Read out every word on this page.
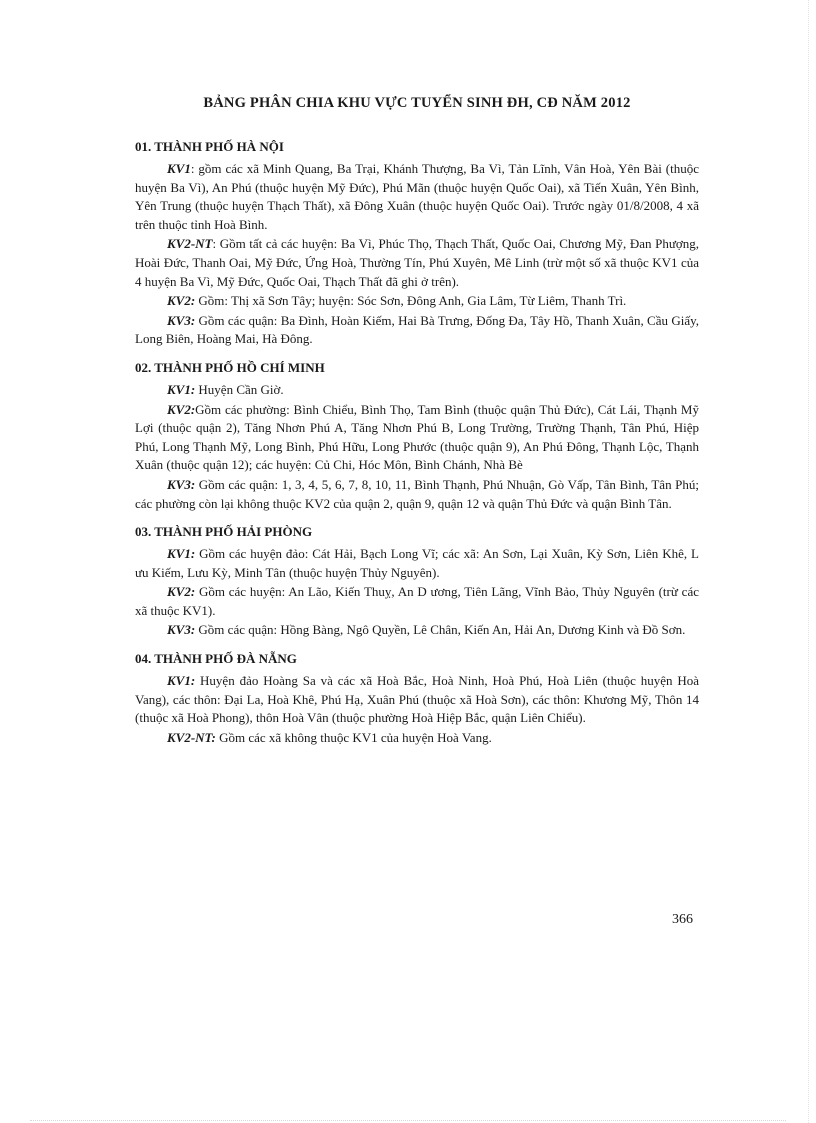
BẢNG PHÂN CHIA KHU VỰC TUYỂN SINH ĐH, CĐ NĂM 2012
01. THÀNH PHỐ HÀ NỘI
KV1: gồm các xã Minh Quang, Ba Trại, Khánh Thượng, Ba Vì, Tản Lĩnh, Vân Hoà, Yên Bài (thuộc huyện Ba Vì), An Phú (thuộc huyện Mỹ Đức), Phú Mãn (thuộc huyện Quốc Oai), xã Tiến Xuân, Yên Bình, Yên Trung (thuộc huyện Thạch Thất), xã Đông Xuân (thuộc huyện Quốc Oai). Trước ngày 01/8/2008, 4 xã trên thuộc tỉnh Hoà Bình.
KV2-NT: Gồm tất cả các huyện: Ba Vì, Phúc Thọ, Thạch Thất, Quốc Oai, Chương Mỹ, Đan Phượng, Hoài Đức, Thanh Oai, Mỹ Đức, Ứng Hoà, Thường Tín, Phú Xuyên, Mê Linh (trừ một số xã thuộc KV1 của 4 huyện Ba Vì, Mỹ Đức, Quốc Oai, Thạch Thất đã ghi ở trên).
KV2: Gồm: Thị xã Sơn Tây; huyện: Sóc Sơn, Đông Anh, Gia Lâm, Từ Liêm, Thanh Trì.
KV3: Gồm các quận: Ba Đình, Hoàn Kiếm, Hai Bà Trưng, Đống Đa, Tây Hồ, Thanh Xuân, Cầu Giấy, Long Biên, Hoàng Mai, Hà Đông.
02. THÀNH PHỐ HỒ CHÍ MINH
KV1: Huyện Cần Giờ.
KV2:Gồm các phường: Bình Chiểu, Bình Thọ, Tam Bình (thuộc quận Thủ Đức), Cát Lái, Thạnh Mỹ Lợi (thuộc quận 2), Tăng Nhơn Phú A, Tăng Nhơn Phú B, Long Trường, Trường Thạnh, Tân Phú, Hiệp Phú, Long Thạnh Mỹ, Long Bình, Phú Hữu, Long Phước (thuộc quận 9), An Phú Đông, Thạnh Lộc, Thạnh Xuân (thuộc quận 12); các huyện: Củ Chi, Hóc Môn, Bình Chánh, Nhà Bè
KV3: Gồm các quận: 1, 3, 4, 5, 6, 7, 8, 10, 11, Bình Thạnh, Phú Nhuận, Gò Vấp, Tân Bình, Tân Phú; các phường còn lại không thuộc KV2 của quận 2, quận 9, quận 12 và quận Thủ Đức và quận Bình Tân.
03. THÀNH PHỐ HẢI PHÒNG
KV1: Gồm các huyện đảo: Cát Hải, Bạch Long Vĩ; các xã: An Sơn, Lại Xuân, Kỳ Sơn, Liên Khê, L ưu Kiếm, Lưu Kỳ, Minh Tân (thuộc huyện Thủy Nguyên).
KV2: Gồm các huyện: An Lão, Kiến Thuỵ, An D ương, Tiên Lãng, Vĩnh Bảo, Thủy Nguyên (trừ các xã thuộc KV1).
KV3: Gồm các quận: Hồng Bàng, Ngô Quyền, Lê Chân, Kiến An, Hải An, Dương Kinh và Đồ Sơn.
04. THÀNH PHỐ ĐÀ NẴNG
KV1: Huyện đảo Hoàng Sa và các xã Hoà Bắc, Hoà Ninh, Hoà Phú, Hoà Liên (thuộc huyện Hoà Vang), các thôn: Đại La, Hoà Khê, Phú Hạ, Xuân Phú (thuộc xã Hoà Sơn), các thôn: Khương Mỹ, Thôn 14 (thuộc xã Hoà Phong), thôn Hoà Vân (thuộc phường Hoà Hiệp Bắc, quận Liên Chiểu).
KV2-NT: Gồm các xã không thuộc KV1 của huyện Hoà Vang.
366
